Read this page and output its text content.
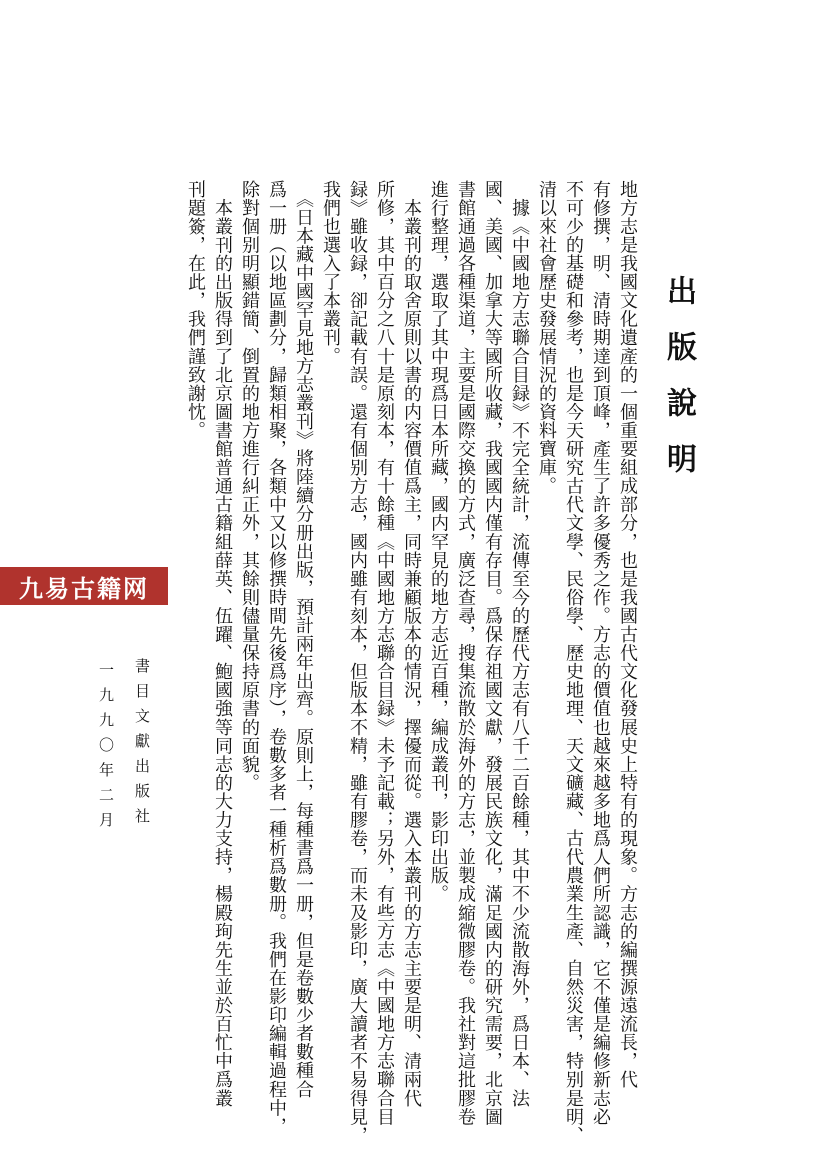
出版說明
地方志是我國文化遺產的一個重要組成部分，也是我國古代文化發展史上特有的現象。方志的編撰源遠流長，代
有修撰，明、清時期達到頂峰，產生了許多優秀之作。方志的價值也越來越多地爲人們所認識，它不僅是編修新志必
不可少的基礎和參考，也是今天研究古代文學、民俗學、歷史地理、天文礦藏、古代農業生產、自然災害，特别是明、
清以來社會歷史發展情況的資料寶庫。
　據《中國地方志聯合目録》不完全統計，流傳至今的歷代方志有八千二百餘種，其中不少流散海外，爲日本、法
國、美國、加拿大等國所收藏，我國國内僅有存目。爲保存祖國文獻，發展民族文化，滿足國内的研究需要，北京圖
書館通過各種渠道，主要是國際交換的方式，廣泛查尋，搜集流散於海外的方志，並製成縮微膠卷。我社對這批膠卷
進行整理，選取了其中現爲日本所藏，國内罕見的地方志近百種，編成叢刊，影印出版。
　本叢刊的取舍原則以書的内容價值爲主，同時兼顧版本的情況，擇優而從。選入本叢刊的方志主要是明、清兩代
所修，其中百分之八十是原刻本，有十餘種《中國地方志聯合目録》未予記載；另外，有些方志《中國地方志聯合目
録》雖收録，卻記載有誤。還有個别方志，國内雖有刻本，但版本不精，雖有膠卷，而未及影印，廣大讀者不易得見，
我們也選入了本叢刊。
　《日本藏中國罕見地方志叢刊》將陸續分册出版，預計兩年出齊。原則上，每種書爲一册，但是卷數少者數種合
爲一册（以地區劃分，歸類相聚，各類中又以修撰時間先後爲序），卷數多者一種析爲數册。我們在影印編輯過程中，
除對個别明顯錯簡、倒置的地方進行糾正外，其餘則儘量保持原書的面貌。
　本叢刊的出版得到了北京圖書館普通古籍組薛英、伍躍、鮑國強等同志的大力支持，楊殿珣先生並於百忙中爲叢
刊題簽，在此，我們謹致謝忱。
九易古籍网
書目文獻出版社
一九九〇年二月
